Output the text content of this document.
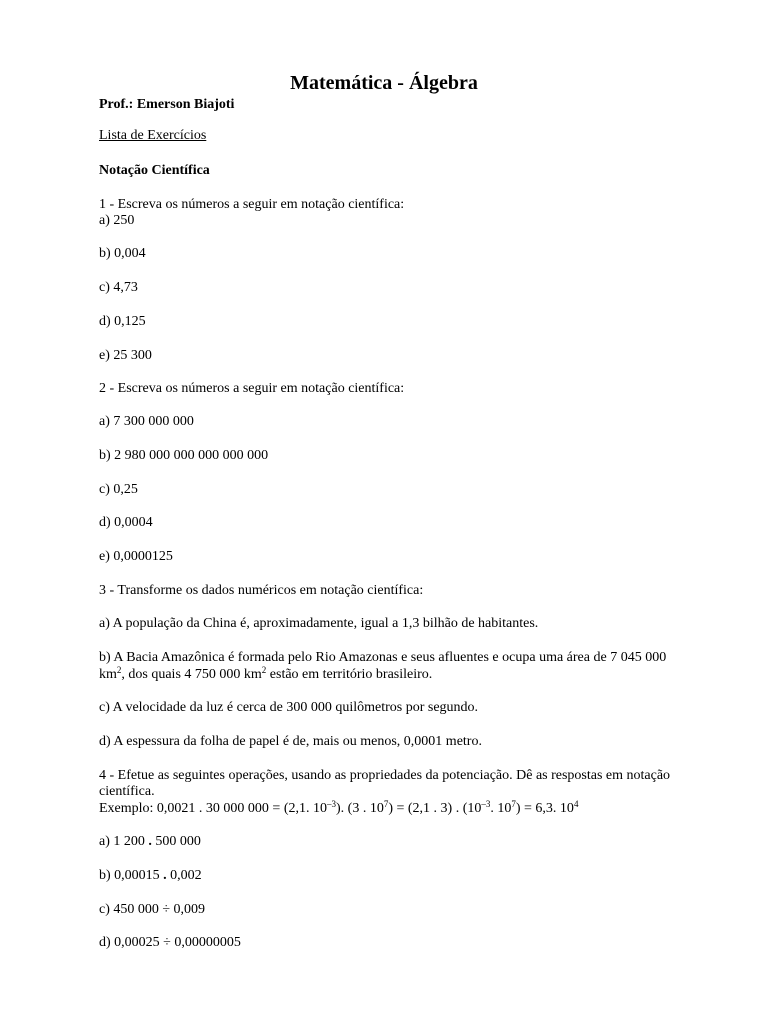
Matemática - Álgebra
Prof.: Emerson Biajoti
Lista de Exercícios
Notação Científica
1 - Escreva os números a seguir em notação científica:
a) 250
b) 0,004
c) 4,73
d) 0,125
e) 25 300
2 - Escreva os números a seguir em notação científica:
a) 7 300 000 000
b) 2 980 000 000 000 000 000
c) 0,25
d) 0,0004
e) 0,0000125
3 - Transforme os dados numéricos em notação científica:
a) A população da China é, aproximadamente, igual a 1,3 bilhão de habitantes.
b) A Bacia Amazônica é formada pelo Rio Amazonas e seus afluentes e ocupa uma área de 7 045 000
$km^2$, dos quais 4 750 000 $km^2$ estão em território brasileiro.
c) A velocidade da luz é cerca de 300 000 quilômetros por segundo.
d) A espessura da folha de papel é de, mais ou menos, 0,0001 metro.
4 - Efetue as seguintes operações, usando as propriedades da potenciação. Dê as respostas em notação
científica.
Exemplo: 0,0021 . 30 000 000 = (2,1. $10^{-3}$). (3 . $10^7) = (2,1$ . 3) . ($10^{-3}$. $10^7) = 6,3$. $10^4$
a) 1 200 . 500 000
b) 0,00015 . 0,002
c) 450 000 ÷ 0,009
d) 0,00025 ÷ 0,00000005
